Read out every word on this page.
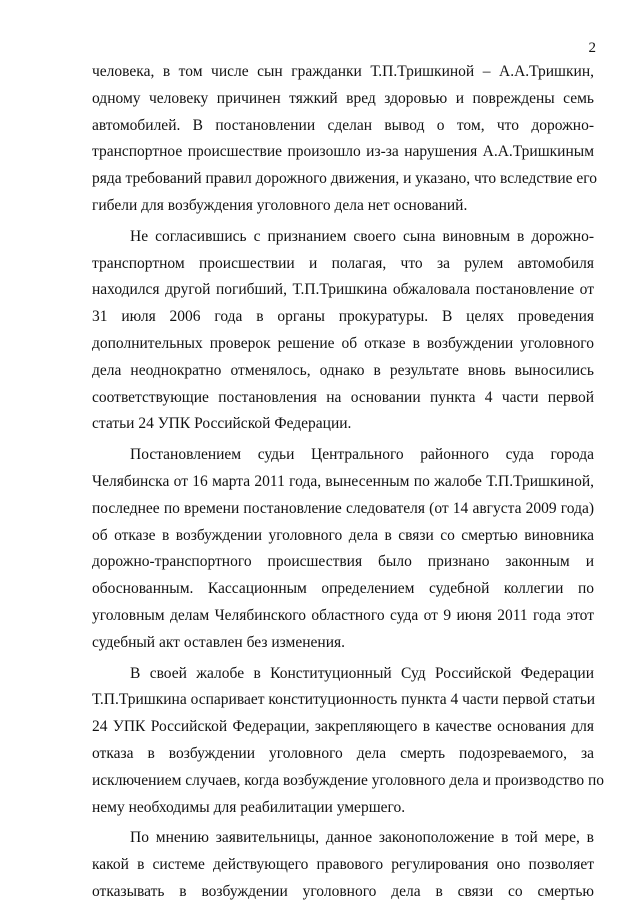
2
человека, в том числе сын гражданки Т.П.Тришкиной – А.А.Тришкин,
одному человеку причинен тяжкий вред здоровью и повреждены семь
автомобилей. В постановлении сделан вывод о том, что дорожно-
транспортное происшествие произошло из-за нарушения А.А.Тришкиным
ряда требований правил дорожного движения, и указано, что вследствие его
гибели для возбуждения уголовного дела нет оснований.
Не согласившись с признанием своего сына виновным в дорожно-
транспортном происшествии и полагая, что за рулем автомобиля
находился другой погибший, Т.П.Тришкина обжаловала постановление от
31 июля 2006 года в органы прокуратуры. В целях проведения
дополнительных проверок решение об отказе в возбуждении уголовного
дела неоднократно отменялось, однако в результате вновь выносились
соответствующие постановления на основании пункта 4 части первой
статьи 24 УПК Российской Федерации.
Постановлением судьи Центрального районного суда города
Челябинска от 16 марта 2011 года, вынесенным по жалобе Т.П.Тришкиной,
последнее по времени постановление следователя (от 14 августа 2009 года)
об отказе в возбуждении уголовного дела в связи со смертью виновника
дорожно-транспортного происшествия было признано законным и
обоснованным. Кассационным определением судебной коллегии по
уголовным делам Челябинского областного суда от 9 июня 2011 года этот
судебный акт оставлен без изменения.
В своей жалобе в Конституционный Суд Российской Федерации
Т.П.Тришкина оспаривает конституционность пункта 4 части первой статьи
24 УПК Российской Федерации, закрепляющего в качестве основания для
отказа в возбуждении уголовного дела смерть подозреваемого, за
исключением случаев, когда возбуждение уголовного дела и производство по
нему необходимы для реабилитации умершего.
По мнению заявительницы, данное законоположение в той мере, в
какой в системе действующего правового регулирования оно позволяет
отказывать в возбуждении уголовного дела в связи со смертью
